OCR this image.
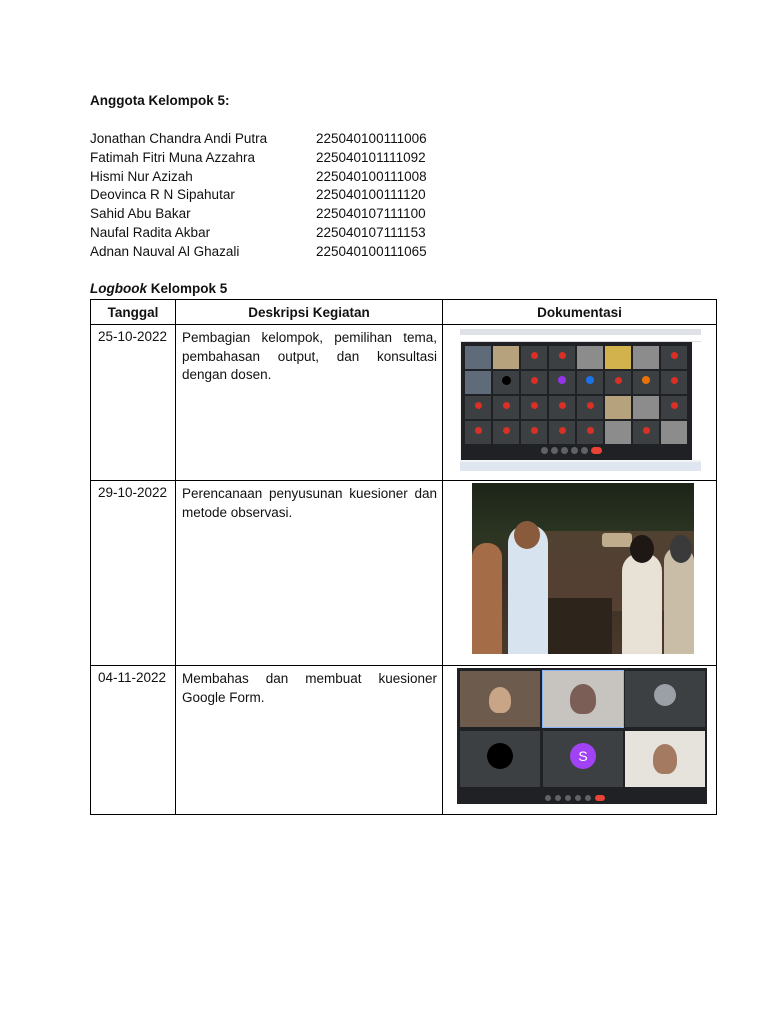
Anggota Kelompok 5:
Jonathan Chandra Andi Putra	225040100111006
Fatimah Fitri Muna Azzahra	225040101111092
Hismi Nur Azizah	225040100111008
Deovinca R N Sipahutar	225040100111120
Sahid Abu Bakar	225040107111100
Naufal Radita Akbar	225040107111153
Adnan Nauval Al Ghazali	225040100111065
Logbook Kelompok 5
Tanggal	Deskripsi Kegiatan	Dokumentasi

25-10-2022	Pembagian kelompok, pemilihan tema, pembahasan output, dan konsultasi dengan dosen.	

29-10-2022	Perencanaan penyusunan kuesioner dan metode observasi.	

04-11-2022	Membahas dan membuat kuesioner Google Form.	S
